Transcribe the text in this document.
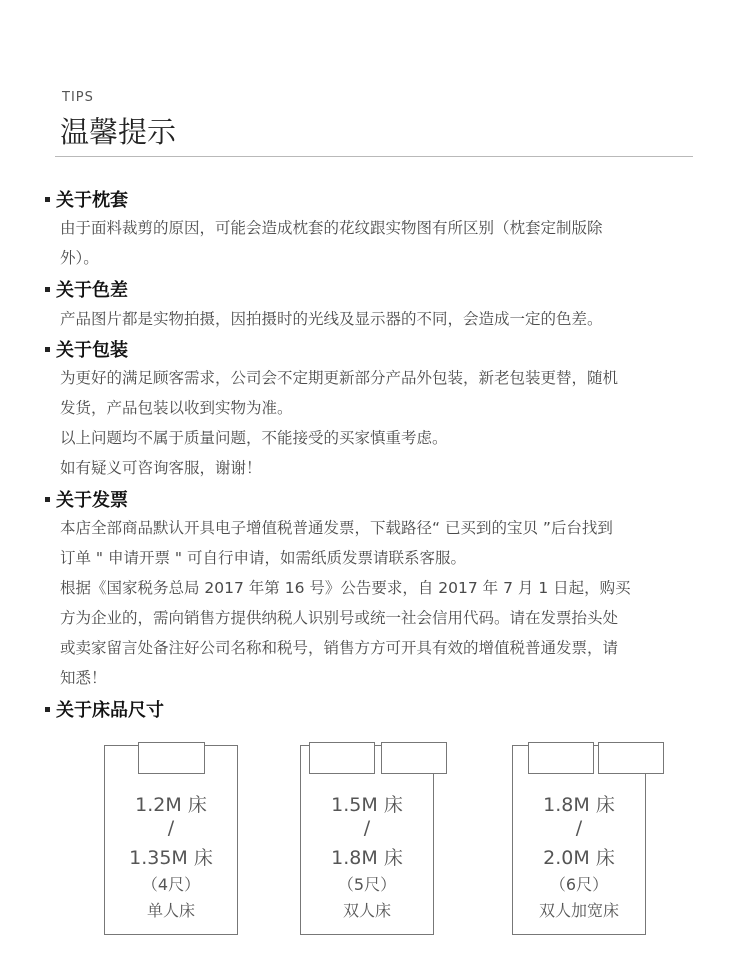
TIPS
温馨提示
关于枕套
由于面料裁剪的原因，可能会造成枕套的花纹跟实物图有所区别（枕套定制版除
外）。
关于色差
产品图片都是实物拍摄，因拍摄时的光线及显示器的不同，会造成一定的色差。
关于包装
为更好的满足顾客需求，公司会不定期更新部分产品外包装，新老包装更替，随机
发货，产品包装以收到实物为准。
以上问题均不属于质量问题，不能接受的买家慎重考虑。
如有疑义可咨询客服，谢谢！
关于发票
本店全部商品默认开具电子增值税普通发票，下载路径“ 已买到的宝贝 ”后台找到
订单 " 申请开票 " 可自行申请，如需纸质发票请联系客服。
根据《国家税务总局 2017 年第 16 号》公告要求，自 2017 年 7 月 1 日起，购买
方为企业的，需向销售方提供纳税人识别号或统一社会信用代码。请在发票抬头处
或卖家留言处备注好公司名称和税号，销售方方可开具有效的增值税普通发票，请
知悉！
关于床品尺寸
1.2M 床
/
1.35M 床
（4尺）
单人床
1.5M 床
/
1.8M 床
（5尺）
双人床
1.8M 床
/
2.0M 床
（6尺）
双人加宽床
